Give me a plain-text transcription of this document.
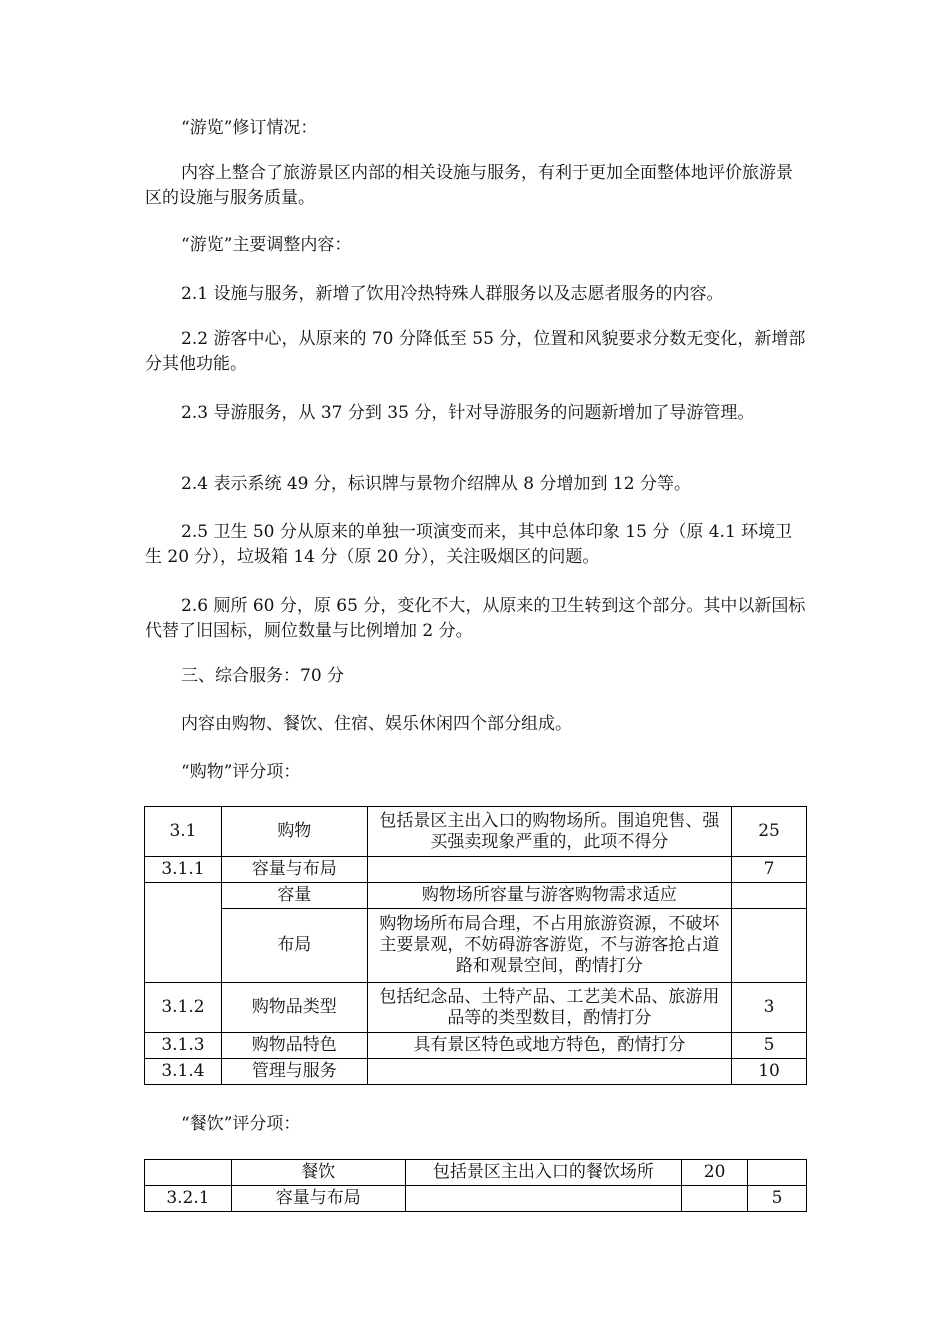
“游览”修订情况：

内容上整合了旅游景区内部的相关设施与服务，有利于更加全面整体地评价旅游景区的设施与服务质量。

“游览”主要调整内容：

2.1 设施与服务，新增了饮用冷热特殊人群服务以及志愿者服务的内容。

2.2 游客中心，从原来的 70 分降低至 55 分，位置和风貌要求分数无变化，新增部分其他功能。

2.3 导游服务，从 37 分到 35 分，针对导游服务的问题新增加了导游管理。

2.4 表示系统 49 分，标识牌与景物介绍牌从 8 分增加到 12 分等。

2.5 卫生 50 分从原来的单独一项演变而来，其中总体印象 15 分（原 4.1 环境卫生 20 分），垃圾箱 14 分（原 20 分），关注吸烟区的问题。

2.6 厕所 60 分，原 65 分，变化不大，从原来的卫生转到这个部分。其中以新国标代替了旧国标，厕位数量与比例增加 2 分。

三、综合服务：70 分

内容由购物、餐饮、住宿、娱乐休闲四个部分组成。

“购物”评分项：

3.1	购物	包括景区主出入口的购物场所。围追兜售、强买强卖现象严重的，此项不得分	25
3.1.1	容量与布局		7
	容量	购物场所容量与游客购物需求适应	
	布局	购物场所布局合理，不占用旅游资源，不破坏主要景观，不妨碍游客游览，不与游客抢占道路和观景空间，酌情打分	
3.1.2	购物品类型	包括纪念品、土特产品、工艺美术品、旅游用品等的类型数目，酌情打分	3
3.1.3	购物品特色	具有景区特色或地方特色，酌情打分	5
3.1.4	管理与服务		10

“餐饮”评分项：

	餐饮	包括景区主出入口的餐饮场所	20	
3.2.1	容量与布局			5
